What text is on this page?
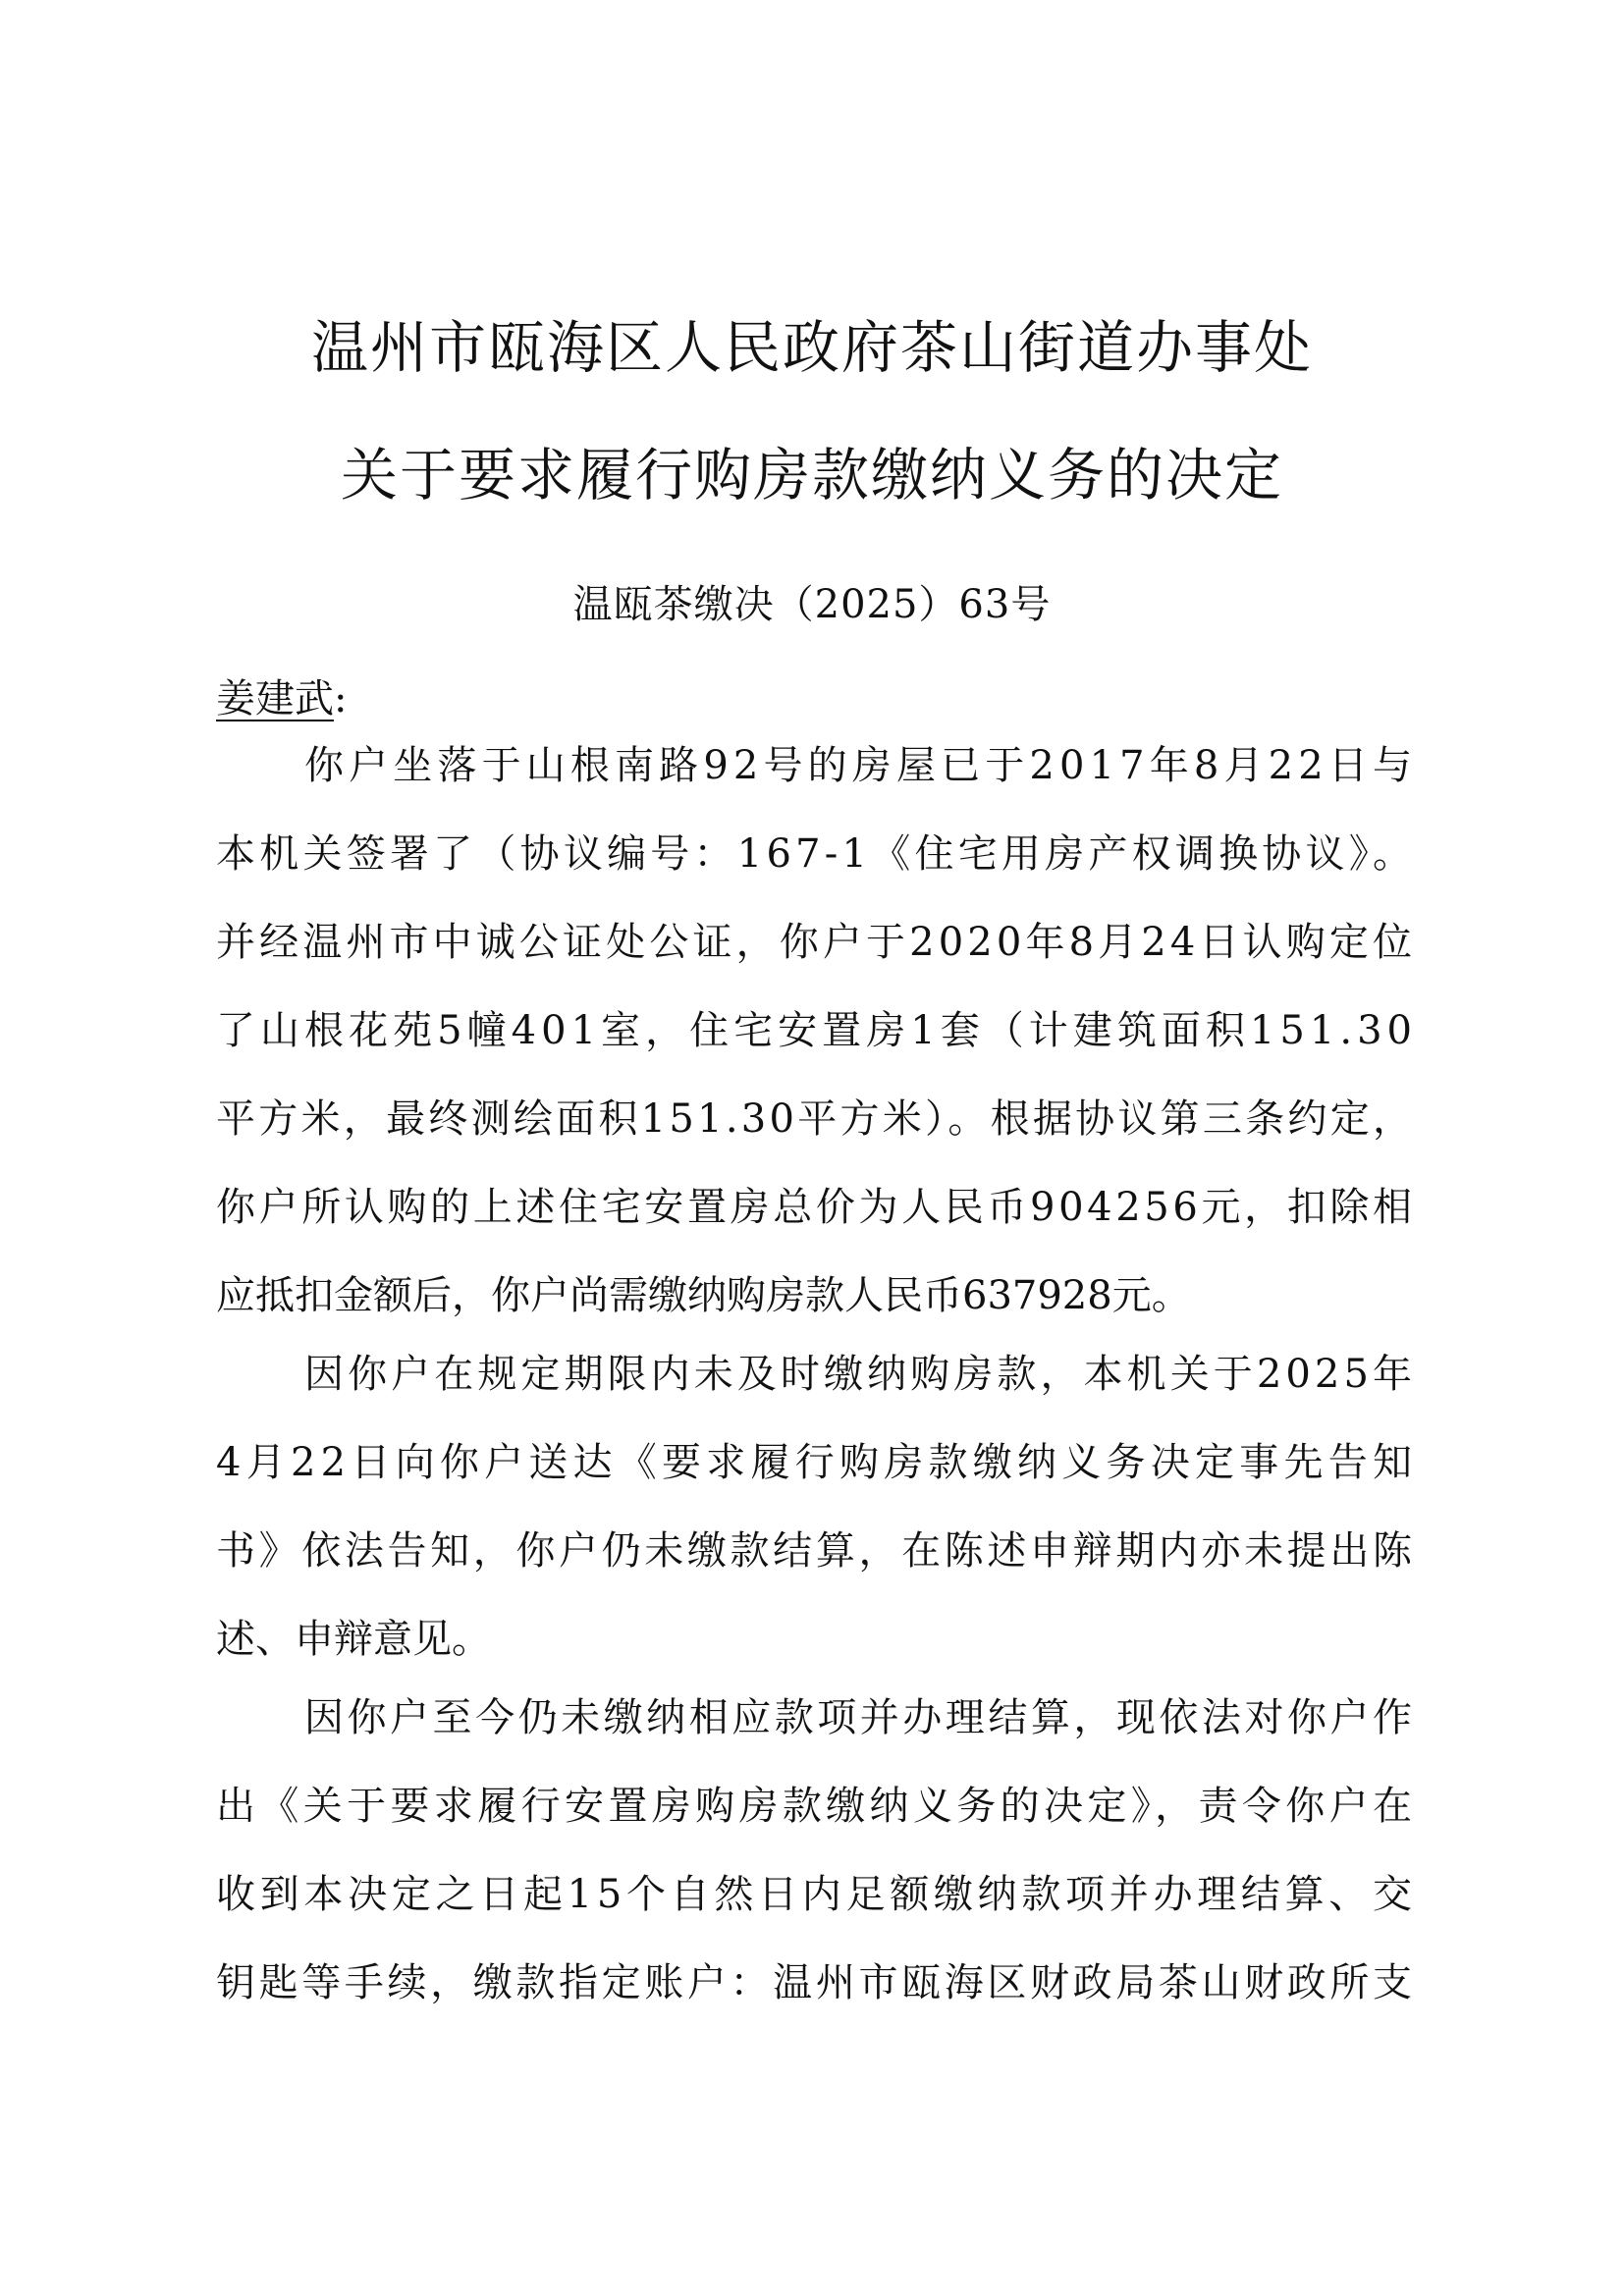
温州市瓯海区人民政府茶山街道办事处
关于要求履行购房款缴纳义务的决定
温瓯茶缴决（2025）63号
姜建武:
你户坐落于山根南路92号的房屋已于2017年8月22日与
本机关签署了（协议编号：167-1《住宅用房产权调换协议》。
并经温州市中诚公证处公证，你户于2020年8月24日认购定位
了山根花苑5幢401室，住宅安置房1套（计建筑面积151.30
平方米，最终测绘面积151.30平方米）。根据协议第三条约定，
你户所认购的上述住宅安置房总价为人民币904256元，扣除相
应抵扣金额后，你户尚需缴纳购房款人民币637928元。
因你户在规定期限内未及时缴纳购房款，本机关于2025年
4月22日向你户送达《要求履行购房款缴纳义务决定事先告知
书》依法告知，你户仍未缴款结算，在陈述申辩期内亦未提出陈
述、申辩意见。
因你户至今仍未缴纳相应款项并办理结算，现依法对你户作
出《关于要求履行安置房购房款缴纳义务的决定》，责令你户在
收到本决定之日起15个自然日内足额缴纳款项并办理结算、交
钥匙等手续，缴款指定账户：温州市瓯海区财政局茶山财政所支
